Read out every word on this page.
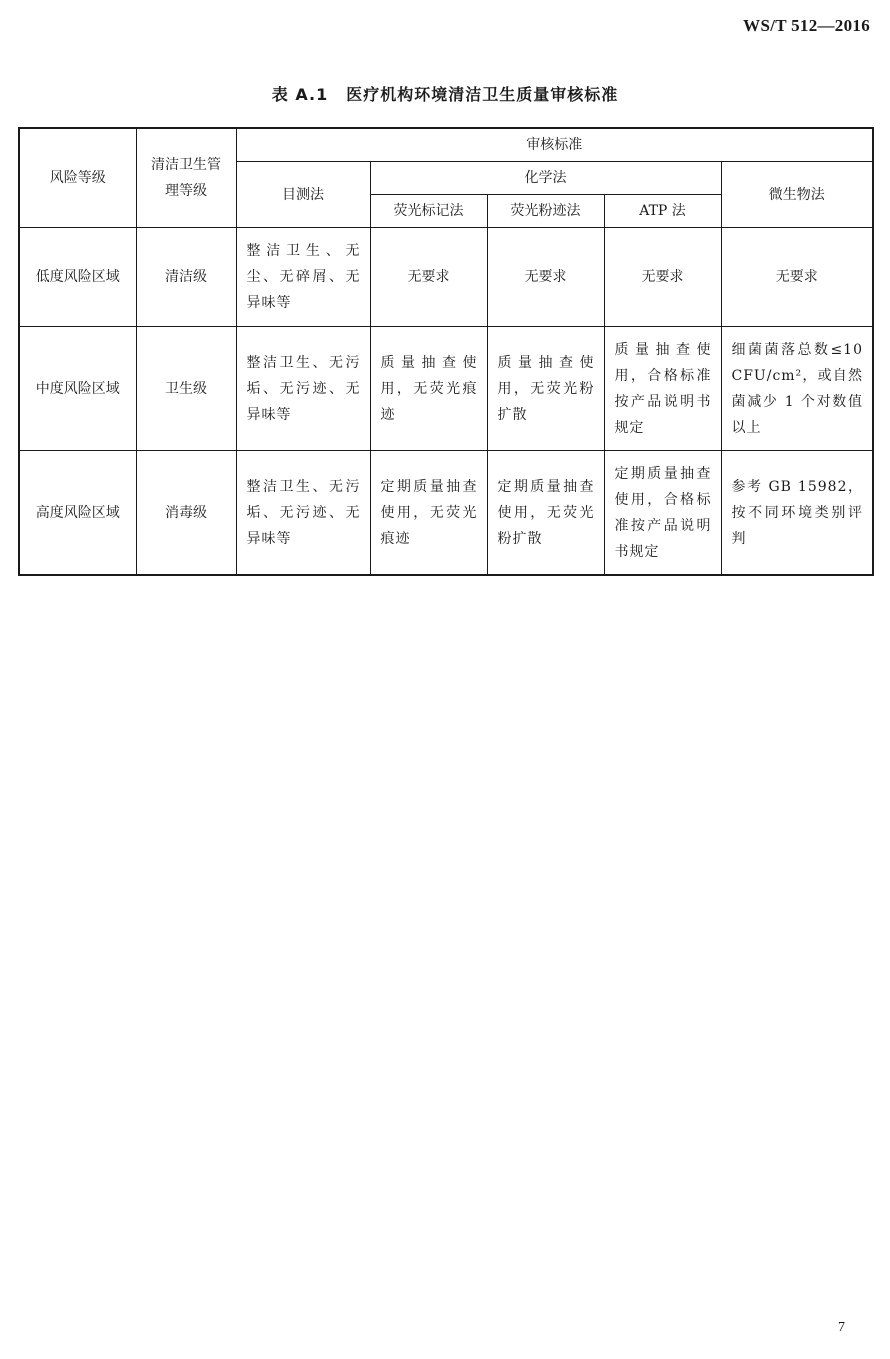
WS/T 512—2016
表 A.1 医疗机构环境清洁卫生质量审核标准
风险等级	清洁卫生管理等级	审核标准				
		目测法	化学法			微生物法
			荧光标记法	荧光粉迹法	ATP 法	
低度风险区域	清洁级	整洁卫生、无尘、无碎屑、无异味等	无要求	无要求	无要求	无要求
中度风险区域	卫生级	整洁卫生、无污垢、无污迹、无异味等	质量抽查使用，无荧光痕迹	质量抽查使用，无荧光粉扩散	质量抽查使用，合格标准按产品说明书规定	细菌菌落总数≤10 CFU/cm²，或自然菌减少 1 个对数值以上
高度风险区域	消毒级	整洁卫生、无污垢、无污迹、无异味等	定期质量抽查使用，无荧光痕迹	定期质量抽查使用，无荧光粉扩散	定期质量抽查使用，合格标准按产品说明书规定	参考 GB 15982，按不同环境类别评判
7
